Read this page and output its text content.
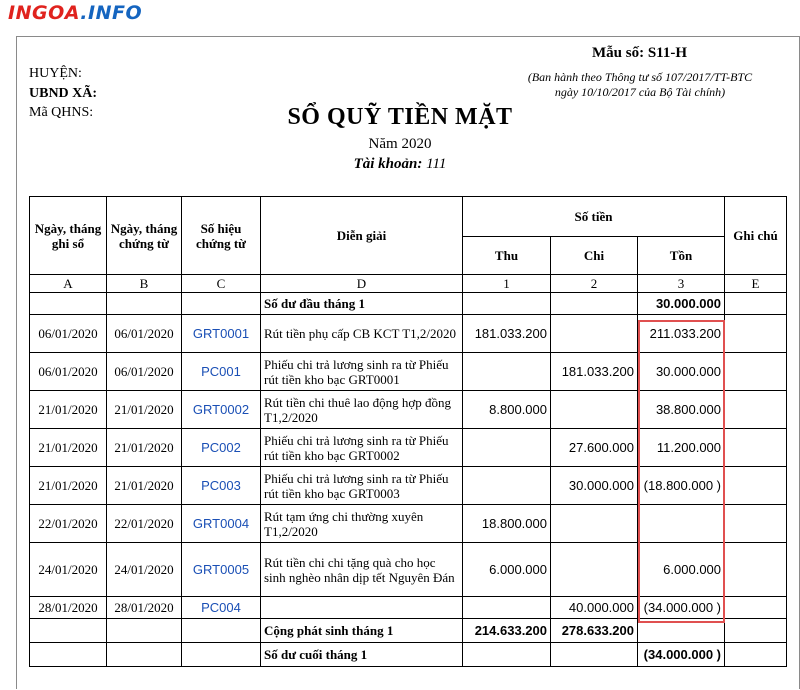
INGOA.INFO
HUYỆN:
UBND XÃ:
Mã QHNS:
Mẫu số: S11-H
(Ban hành theo Thông tư số 107/2017/TT-BTC
ngày 10/10/2017 của Bộ Tài chính)
SỔ QUỸ TIỀN MẶT
Năm 2020
Tài khoản: 111
Ngày, tháng ghi sổ	Ngày, tháng chứng từ	Số hiệu chứng từ	Diễn giải	Số tiền			Ghi chú
				Thu	Chi	Tồn	
A	B	C	D	1	2	3	E
			Số dư đầu tháng 1			30.000.000	
06/01/2020	06/01/2020	GRT0001	Rút tiền phụ cấp CB KCT T1,2/2020	181.033.200		211.033.200	
06/01/2020	06/01/2020	PC001	Phiếu chi trả lương sinh ra từ Phiếu rút tiền kho bạc GRT0001		181.033.200	30.000.000	
21/01/2020	21/01/2020	GRT0002	Rút tiền chi thuê lao động hợp đồng T1,2/2020	8.800.000		38.800.000	
21/01/2020	21/01/2020	PC002	Phiếu chi trả lương sinh ra từ Phiếu rút tiền kho bạc GRT0002		27.600.000	11.200.000	
21/01/2020	21/01/2020	PC003	Phiếu chi trả lương sinh ra từ Phiếu rút tiền kho bạc GRT0003		30.000.000	(18.800.000 )	
22/01/2020	22/01/2020	GRT0004	Rút tạm ứng chi thường xuyên T1,2/2020	18.800.000			
24/01/2020	24/01/2020	GRT0005	Rút tiền chi chi tặng quà cho học sinh nghèo nhân dịp tết Nguyên Đán	6.000.000		6.000.000	
28/01/2020	28/01/2020	PC004			40.000.000	(34.000.000 )	
			Cộng phát sinh tháng 1	214.633.200	278.633.200		
			Số dư cuối tháng 1			(34.000.000 )	
